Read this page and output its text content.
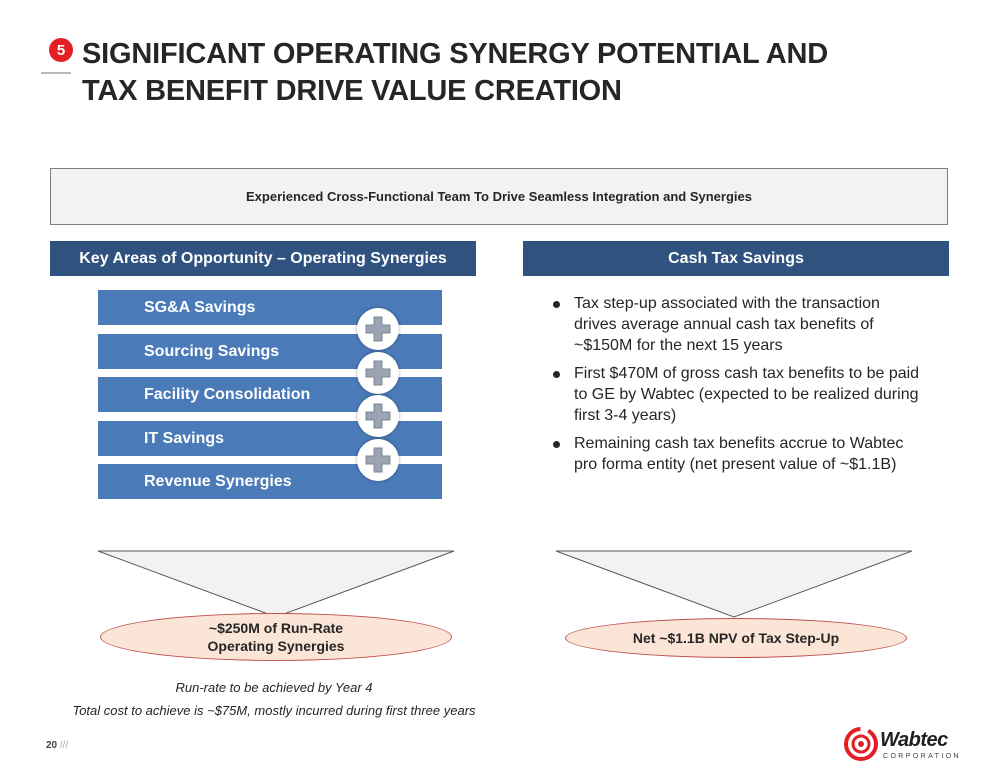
5 SIGNIFICANT OPERATING SYNERGY POTENTIAL AND
TAX BENEFIT DRIVE VALUE CREATION
Experienced Cross-Functional Team To Drive Seamless Integration and Synergies
Key Areas of Opportunity – Operating Synergies	Cash Tax Savings
SG&A Savings
Sourcing Savings
Facility Consolidation
IT Savings
Revenue Synergies
Tax step-up associated with the transaction drives average annual cash tax benefits of ~$150M for the next 15 years
First $470M of gross cash tax benefits to be paid to GE by Wabtec (expected to be realized during first 3-4 years)
Remaining cash tax benefits accrue to Wabtec pro forma entity (net present value of ~$1.1B)
~$250M of Run-Rate
Operating Synergies	Net ~$1.1B NPV of Tax Step-Up
Run-rate to be achieved by Year 4
Total cost to achieve is ~$75M, mostly incurred during first three years
20 ///	Wabtec
CORPORATION
